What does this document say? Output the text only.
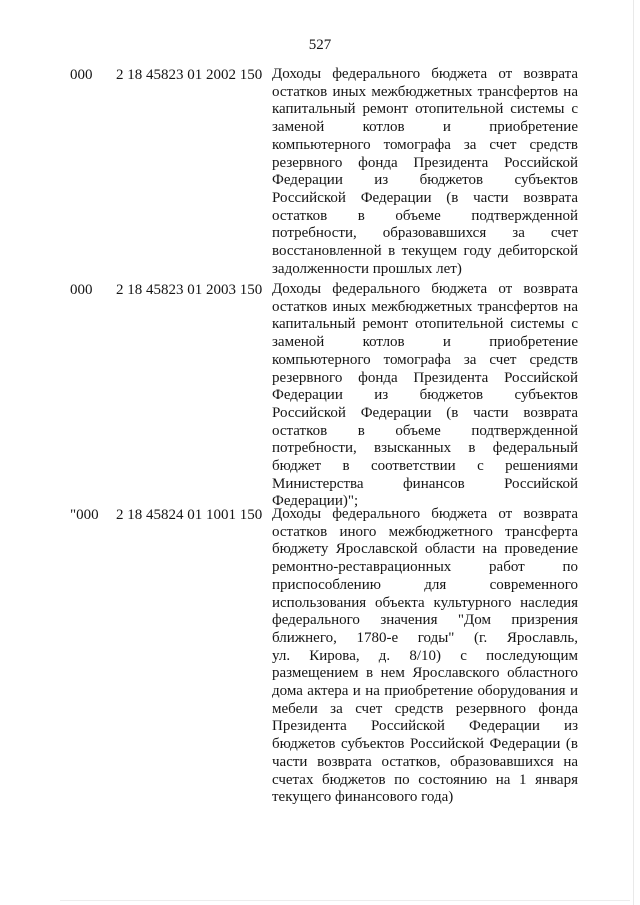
527
000 2 18 45823 01 2002 150 Доходы федерального бюджета от возврата
остатков иных межбюджетных трансфертов на
капитальный ремонт отопительной системы с
заменой котлов и приобретение
компьютерного томографа за счет средств
резервного фонда Президента Российской
Федерации из бюджетов субъектов
Российской Федерации (в части возврата
остатков в объеме подтвержденной
потребности, образовавшихся за счет
восстановленной в текущем году дебиторской
задолженности прошлых лет)
000 2 18 45823 01 2003 150 Доходы федерального бюджета от возврата
остатков иных межбюджетных трансфертов на
капитальный ремонт отопительной системы с
заменой котлов и приобретение
компьютерного томографа за счет средств
резервного фонда Президента Российской
Федерации из бюджетов субъектов
Российской Федерации (в части возврата
остатков в объеме подтвержденной
потребности, взысканных в федеральный
бюджет в соответствии с решениями
Министерства финансов Российской
Федерации)";
"000 2 18 45824 01 1001 150 Доходы федерального бюджета от возврата
остатков иного межбюджетного трансферта
бюджету Ярославской области на проведение
ремонтно-реставрационных работ по
приспособлению для современного
использования объекта культурного наследия
федерального значения "Дом призрения
ближнего, 1780-е годы" (г. Ярославль,
ул. Кирова, д. 8/10) с последующим
размещением в нем Ярославского областного
дома актера и на приобретение оборудования и
мебели за счет средств резервного фонда
Президента Российской Федерации из
бюджетов субъектов Российской Федерации (в
части возврата остатков, образовавшихся на
счетах бюджетов по состоянию на 1 января
текущего финансового года)
